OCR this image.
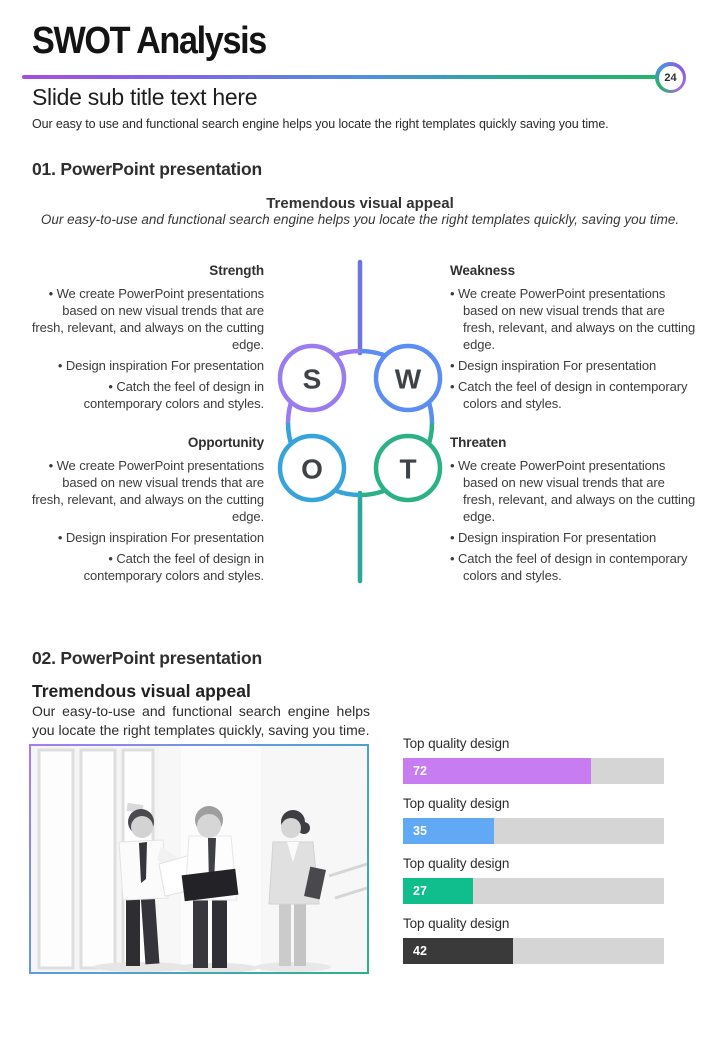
SWOT Analysis
24
Slide sub title text here
Our easy to use and functional search engine helps you locate the right templates quickly saving you time.
01. PowerPoint presentation
Tremendous visual appeal
Our easy-to-use and functional search engine helps you locate the right templates quickly, saving you time.
S	W
O	T
Strength
• We create PowerPoint presentations based on new visual trends that are fresh, relevant, and always on the cutting edge.
• Design inspiration For presentation
• Catch the feel of design in contemporary colors and styles.
Weakness
• We create PowerPoint presentations based on new visual trends that are fresh, relevant, and always on the cutting edge.
• Design inspiration For presentation
• Catch the feel of design in contemporary colors and styles.
Opportunity
• We create PowerPoint presentations based on new visual trends that are fresh, relevant, and always on the cutting edge.
• Design inspiration For presentation
• Catch the feel of design in contemporary colors and styles.
Threaten
• We create PowerPoint presentations based on new visual trends that are fresh, relevant, and always on the cutting edge.
• Design inspiration For presentation
• Catch the feel of design in contemporary colors and styles.
02. PowerPoint presentation
Tremendous visual appeal
Our easy-to-use and functional search engine helps you locate the right templates quickly, saving you time.
Top quality design
72
Top quality design
35
Top quality design
27
Top quality design
42
